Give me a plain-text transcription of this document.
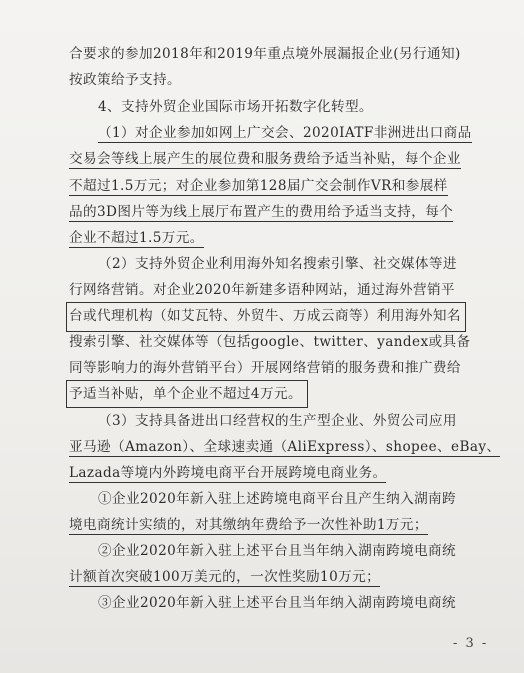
合要求的参加2018年和2019年重点境外展漏报企业(另行通知)
按政策给予支持。
4、支持外贸企业国际市场开拓数字化转型。
（1）对企业参加如网上广交会、2020IATF非洲进出口商品
交易会等线上展产生的展位费和服务费给予适当补贴，每个企业
不超过1.5万元；对企业参加第128届广交会制作VR和参展样
品的3D图片等为线上展厅布置产生的费用给予适当支持，每个
企业不超过1.5万元。
（2）支持外贸企业利用海外知名搜索引擎、社交媒体等进
行网络营销。对企业2020年新建多语种网站，通过海外营销平
台或代理机构（如艾瓦特、外贸牛、万成云商等）利用海外知名
搜索引擎、社交媒体等（包括google、twitter、yandex或具备
同等影响力的海外营销平台）开展网络营销的服务费和推广费给
予适当补贴，单个企业不超过4万元。
（3）支持具备进出口经营权的生产型企业、外贸公司应用
亚马逊（Amazon）、全球速卖通（AliExpress）、shopee、eBay、
Lazada等境内外跨境电商平台开展跨境电商业务。
①企业2020年新入驻上述跨境电商平台且产生纳入湖南跨
境电商统计实绩的，对其缴纳年费给予一次性补助1万元；
②企业2020年新入驻上述平台且当年纳入湖南跨境电商统
计额首次突破100万美元的，一次性奖励10万元；
③企业2020年新入驻上述平台且当年纳入湖南跨境电商统
- 3 -
